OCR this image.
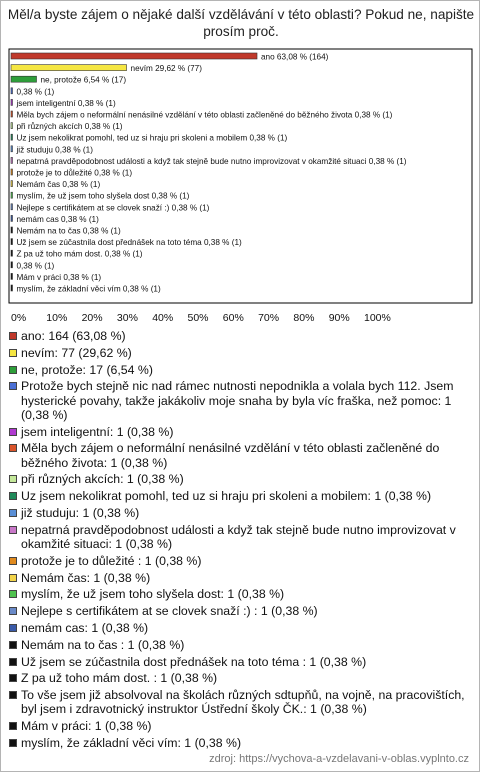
Měl/a byste zájem o nějaké další vzdělávání v této oblasti? Pokud ne, napište prosím proč.
ano 63,08 % (164)
nevím 29,62 % (77)
ne, protože 6,54 % (17)
0,38 % (1)
jsem inteligentní 0,38 % (1)
Měla bych zájem o neformální nenásilné vzdělání v této oblasti začleněné do běžného života 0,38 % (1)
při různých akcích 0,38 % (1)
Uz jsem nekolikrat pomohl, ted uz si hraju pri skoleni a mobilem 0,38 % (1)
již studuju 0,38 % (1)
nepatrná pravděpodobnost události a když tak stejně bude nutno improvizovat v okamžité situaci 0,38 % (1)
protože je to důležité 0,38 % (1)
Nemám čas 0,38 % (1)
myslím, že už jsem toho slyšela dost 0,38 % (1)
Nejlepe s certifikátem at se clovek snaží :) 0,38 % (1)
nemám cas 0,38 % (1)
Nemám na to čas 0,38 % (1)
Už jsem se zúčastnila dost přednášek na toto téma 0,38 % (1)
Z pa už toho mám dost. 0,38 % (1)
0,38 % (1)
Mám v práci 0,38 % (1)
myslím, že základní věci vím 0,38 % (1)
0% 10% 20% 30% 40% 50% 60% 70% 80% 90% 100%
ano: 164 (63,08 %)
nevím: 77 (29,62 %)
ne, protože: 17 (6,54 %)
Protože bych stejně nic nad rámec nutnosti nepodnikla a volala bych 112. Jsem hysterické povahy, takže jakákoliv moje snaha by byla víc fraška, než pomoc: 1 (0,38 %)
jsem inteligentní: 1 (0,38 %)
Měla bych zájem o neformální nenásilné vzdělání v této oblasti začleněné do běžného života: 1 (0,38 %)
při různých akcích: 1 (0,38 %)
Uz jsem nekolikrat pomohl, ted uz si hraju pri skoleni a mobilem: 1 (0,38 %)
již studuju: 1 (0,38 %)
nepatrná pravděpodobnost události a když tak stejně bude nutno improvizovat v okamžité situaci: 1 (0,38 %)
protože je to důležité : 1 (0,38 %)
Nemám čas: 1 (0,38 %)
myslím, že už jsem toho slyšela dost: 1 (0,38 %)
Nejlepe s certifikátem at se clovek snaží :) : 1 (0,38 %)
nemám cas: 1 (0,38 %)
Nemám na to čas : 1 (0,38 %)
Už jsem se zúčastnila dost přednášek na toto téma : 1 (0,38 %)
Z pa už toho mám dost. : 1 (0,38 %)
To vše jsem již absolvoval na školách různých sdtupňů, na vojně, na pracovištích, byl jsem i zdravotnický instruktor Ústřední školy ČK.: 1 (0,38 %)
Mám v práci: 1 (0,38 %)
myslím, že základní věci vím: 1 (0,38 %)
zdroj: https://vychova-a-vzdelavani-v-oblas.vyplnto.cz
